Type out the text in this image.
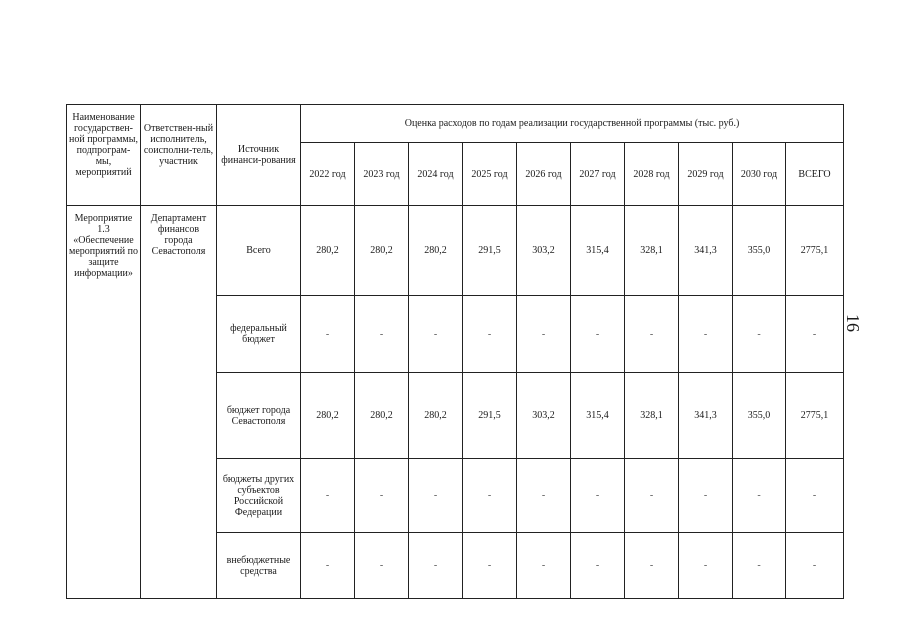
Наименование государствен-ной программы, подпрограм-мы, мероприятий	Ответствен-ный исполнитель, соисполни-тель, участник	Источник финанси-рования	Оценка расходов по годам реализации государственной программы (тыс. руб.)									
			2022 год	2023 год	2024 год	2025 год	2026 год	2027 год	2028 год	2029 год	2030 год	ВСЕГО
Мероприятие 1.3 «Обеспечение мероприятий по защите информации»	Департамент финансов города Севастополя	Всего	280,2	280,2	280,2	291,5	303,2	315,4	328,1	341,3	355,0	2775,1
		федеральный бюджет	-	-	-	-	-	-	-	-	-	-
		бюджет города Севастополя	280,2	280,2	280,2	291,5	303,2	315,4	328,1	341,3	355,0	2775,1
		бюджеты других субъектов Российской Федерации	-	-	-	-	-	-	-	-	-	-
		внебюджетные средства	-	-	-	-	-	-	-	-	-	-
16
